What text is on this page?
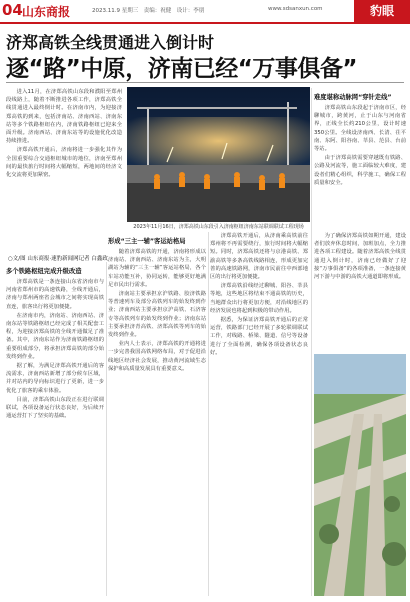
04 山东商报	2023.11.9 星期三　责编：祝健　设计：李朋	www.sdsanxun.com	豹眼
济郑高铁全线贯通进入倒计时
逐“路”中原，济南已经“万事俱备”

进入11月，在济郑高铁山东段和濮阳至郑州段线路上，随着不断推进各项工作，济郑高铁全线贯通进入最终倒计时。在济南市内，为迎接济郑高铁的到来，包括济南站、济南西站、济南东站等多个铁路枢纽在内，济南铁路枢纽已迎来全面升级。济南西站、济南东站等的设施优化改造持续推进。

济郑高铁开通后，济南将进一步强化其作为全国重要综合交通枢纽城市的地位，济南至郑州间的最快旅行时间将大幅缩短，两地间的经济文化交流将更加紧密。

○文/图 山东商报·速豹新闻网记者 白鑫政
2023年11月16日，济郑高铁山东段引入济南枢纽济南东站联调联试工程现场
难度堪称动脉网“穿针走线”

济郑高铁山东段起于济南市区，经聊城市，跨黄河，止于山东与河南省界，正线全长约210公里，设计时速350公里。全线设济南西、长清、茌平南、东阿、阳谷南、莘县、范县、台前等站。

由于济郑高铁需要穿越既有铁路、公路及河流等，施工面临较大难度，建设者们精心组织，科学施工，确保工程质量和安全。

多个铁路枢纽完成升级改造

济郑高铁是一条连接山东省济南市与河南省郑州市的高速铁路，全线开通后，济南与郑州两座省会城市之间将实现高铁直连，旅客出行将更加便捷。

在济南市内，济南站、济南西站、济南东站等铁路枢纽已经完成了相关配套工程，为迎接济郑高铁的全线开通做足了准备。其中，济南东站作为济南铁路枢纽的重要组成部分，将承担济郑高铁的部分始发终到作业。

据了解，为满足济郑高铁开通后的客流需求，济南西站新增了部分候车区域，并对站内的导向标识进行了更新，进一步优化了旅客的乘车体验。

目前，济郑高铁山东段正在进行联调联试，各项设备运行状态良好，为后续开通运营打下了坚实的基础。

形成“三主一辅”客运站格局

随着济郑高铁的开通，济南将形成以济南站、济南西站、济南东站为主，大明湖站为辅的“三主一辅”客运站格局，各个车站功能互补，协同运转，能够更好地满足市民出行需求。

济南站主要承担京沪铁路、胶济铁路等普速列车及部分高铁列车的始发终到作业；济南西站主要承担京沪高铁、石济客专等高铁列车的始发终到作业；济南东站主要承担济青高铁、济郑高铁等列车的始发终到作业。

业内人士表示，济郑高铁的开通将进一步完善我国高铁网络布局，对于促进沿线地区经济社会发展，推动黄河流域生态保护和高质量发展具有重要意义。

济郑高铁开通后，从济南乘高铁前往郑州将不再需要绕行，旅行时间将大幅缩短。同时，济郑高铁还将与京港高铁、郑渝高铁等多条高铁线路相连，形成更加完善的高速铁路网，济南市民前往中西部地区的出行将更加便捷。

济郑高铁沿线经过聊城、阳谷、莘县等地，这些地区将结束不通高铁的历史，当地群众出行将更加方便，对沿线地区的经济发展也将起到积极的带动作用。

据悉，为保证济郑高铁开通后的正常运营，铁路部门已经开展了多轮联调联试工作，对线路、桥梁、隧道、信号等设备进行了全面检测，确保各项设备状态良好。

为了确保济郑高铁如期开通，建设者们放弃休息时间，加班加点，全力推进各项工程建设。随着济郑高铁全线贯通进入倒计时，济南已经做好了迎接“万事俱备”的各项准备，一条连接黄河下游与中游的高铁大通道即将形成。
